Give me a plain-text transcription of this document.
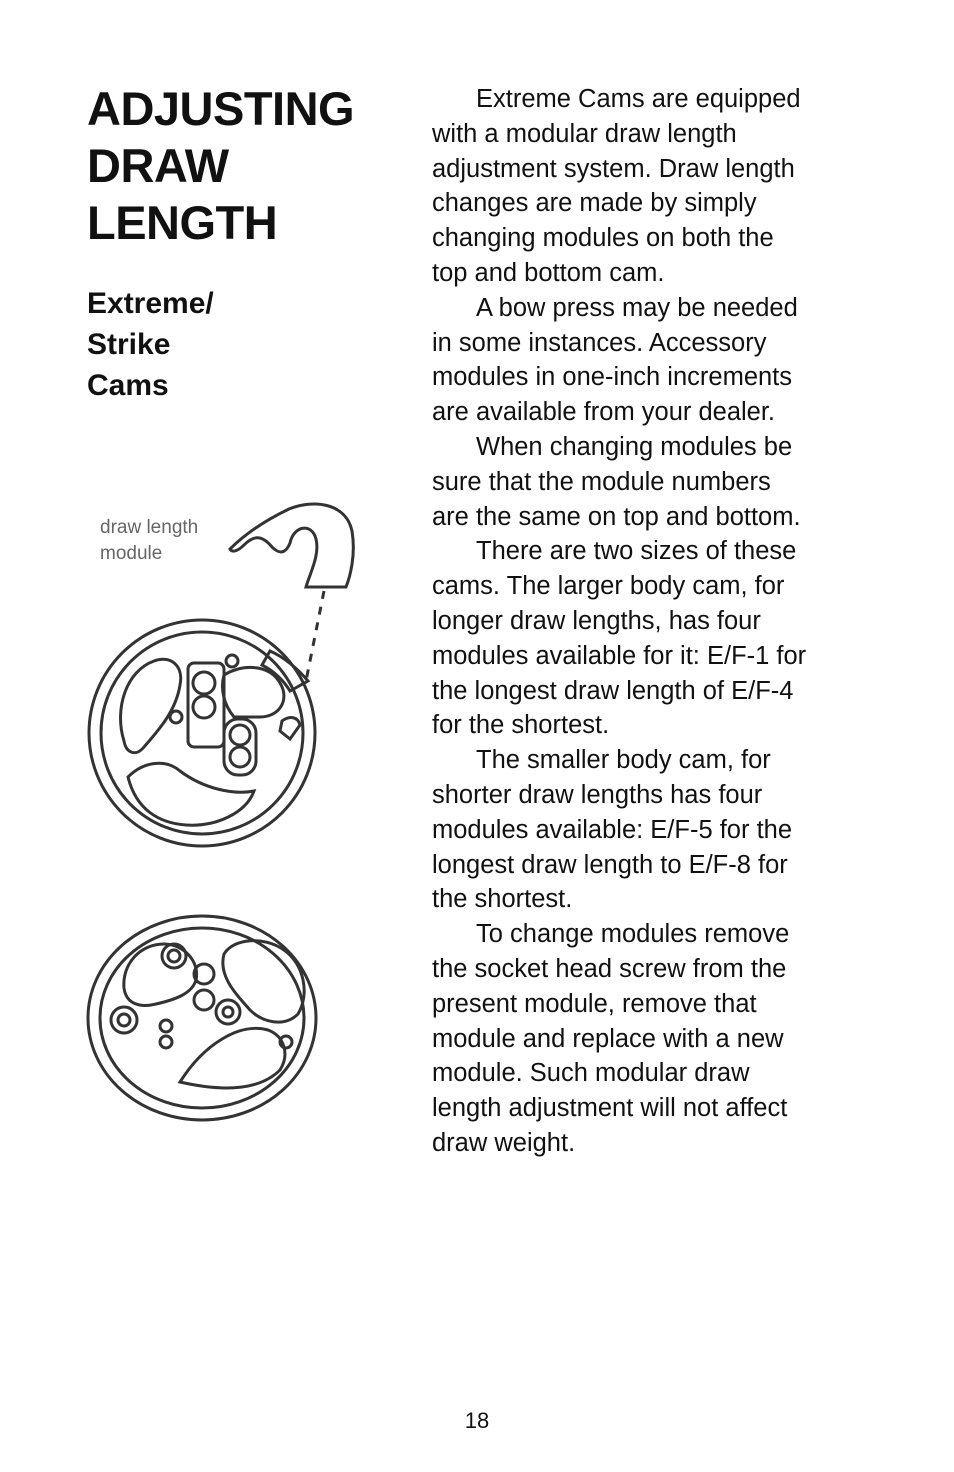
ADJUSTING
DRAW
LENGTH
Extreme/
Strike
Cams
draw length
module
Extreme Cams are equipped
with a modular draw length
adjustment system. Draw length
changes are made by simply
changing modules on both the
top and bottom cam.
A bow press may be needed
in some instances. Accessory
modules in one-inch increments
are available from your dealer.
When changing modules be
sure that the module numbers
are the same on top and bottom.
There are two sizes of these
cams. The larger body cam, for
longer draw lengths, has four
modules available for it: E/F-1 for
the longest draw length of E/F-4
for the shortest.
The smaller body cam, for
shorter draw lengths has four
modules available: E/F-5 for the
longest draw length to E/F-8 for
the shortest.
To change modules remove
the socket head screw from the
present module, remove that
module and replace with a new
module. Such modular draw
length adjustment will not affect
draw weight.
18
